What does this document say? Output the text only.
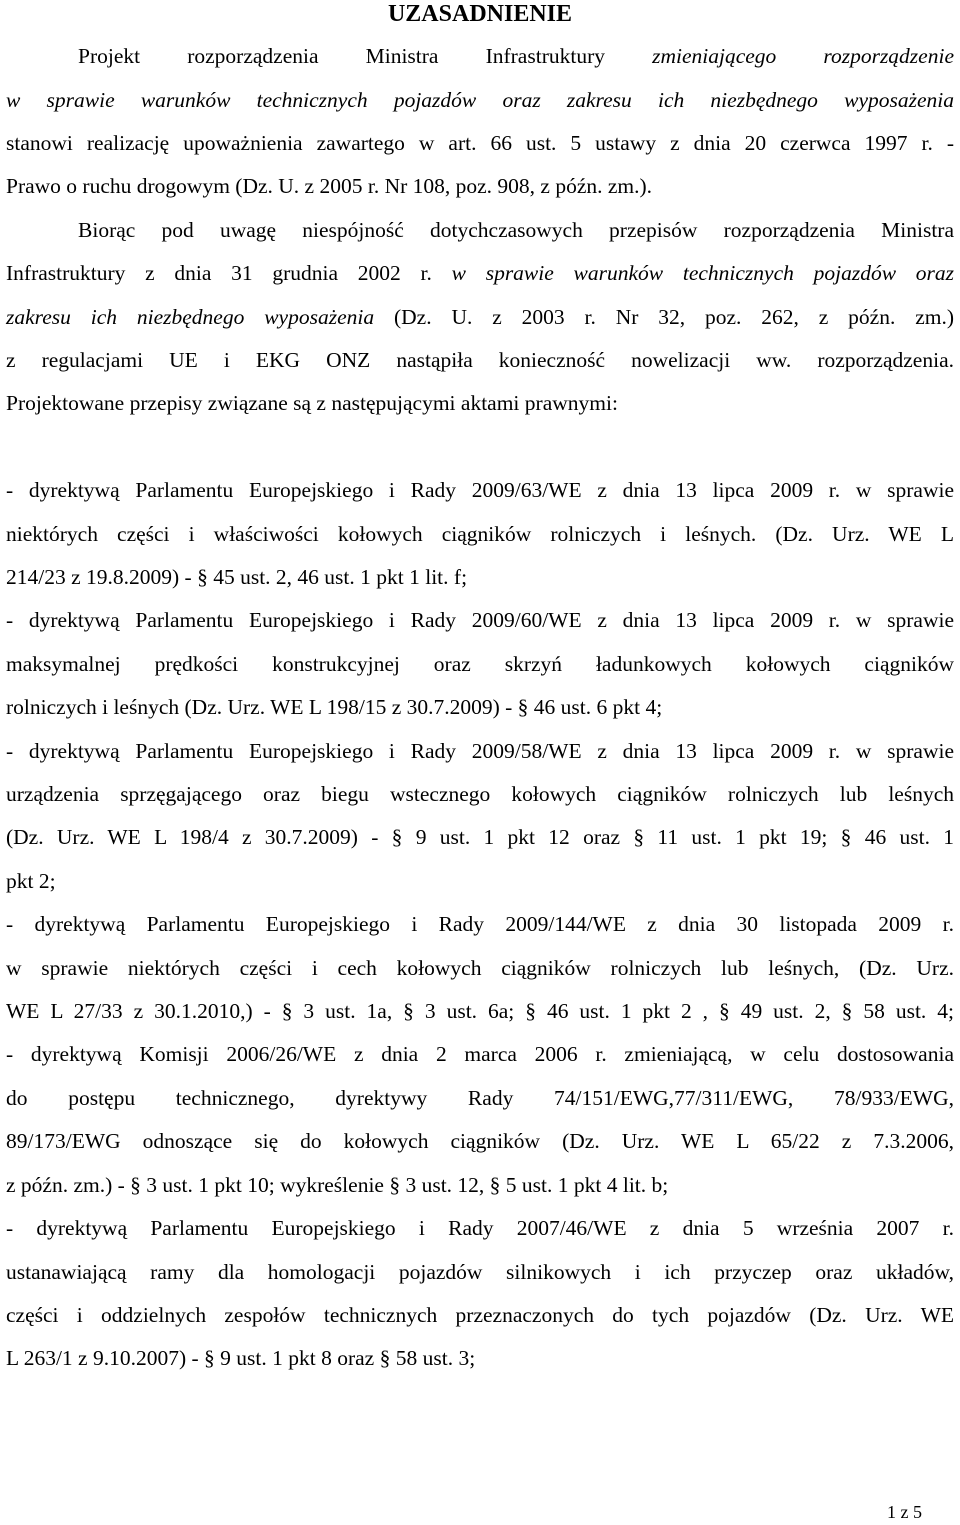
UZASADNIENIE
Projekt rozporządzenia Ministra Infrastruktury zmieniającego rozporządzenie
w sprawie warunków technicznych pojazdów oraz zakresu ich niezbędnego wyposażenia
stanowi realizację upoważnienia zawartego w art. 66 ust. 5 ustawy z dnia 20 czerwca 1997 r. -
Prawo o ruchu drogowym (Dz. U. z 2005 r. Nr 108, poz. 908, z późn. zm.).
Biorąc pod uwagę niespójność dotychczasowych przepisów rozporządzenia Ministra
Infrastruktury z dnia 31 grudnia 2002 r. w sprawie warunków technicznych pojazdów oraz
zakresu ich niezbędnego wyposażenia (Dz. U. z 2003 r. Nr 32, poz. 262, z późn. zm.)
z regulacjami UE i EKG ONZ nastąpiła konieczność nowelizacji ww. rozporządzenia.
Projektowane przepisy związane są z następującymi aktami prawnymi:
- dyrektywą Parlamentu Europejskiego i Rady 2009/63/WE z dnia 13 lipca 2009 r. w sprawie
niektórych części i właściwości kołowych ciągników rolniczych i leśnych. (Dz. Urz. WE L
214/23 z 19.8.2009) - § 45 ust. 2, 46 ust. 1 pkt 1 lit. f;
- dyrektywą Parlamentu Europejskiego i Rady 2009/60/WE z dnia 13 lipca 2009 r. w sprawie
maksymalnej prędkości konstrukcyjnej oraz skrzyń ładunkowych kołowych ciągników
rolniczych i leśnych (Dz. Urz. WE L 198/15 z 30.7.2009) - § 46 ust. 6 pkt 4;
- dyrektywą Parlamentu Europejskiego i Rady 2009/58/WE z dnia 13 lipca 2009 r. w sprawie
urządzenia sprzęgającego oraz biegu wstecznego kołowych ciągników rolniczych lub leśnych
(Dz. Urz. WE L 198/4 z 30.7.2009) - § 9 ust. 1 pkt 12 oraz § 11 ust. 1 pkt 19; § 46 ust. 1
pkt 2;
- dyrektywą Parlamentu Europejskiego i Rady 2009/144/WE z dnia 30 listopada 2009 r.
w sprawie niektórych części i cech kołowych ciągników rolniczych lub leśnych, (Dz. Urz.
WE L 27/33 z 30.1.2010,) - § 3 ust. 1a, § 3 ust. 6a; § 46 ust. 1 pkt 2 , § 49 ust. 2, § 58 ust. 4;
- dyrektywą Komisji 2006/26/WE z dnia 2 marca 2006 r. zmieniającą, w celu dostosowania
do postępu technicznego, dyrektywy Rady 74/151/EWG,77/311/EWG, 78/933/EWG,
89/173/EWG odnoszące się do kołowych ciągników (Dz. Urz. WE L 65/22 z 7.3.2006,
z późn. zm.) - § 3 ust. 1 pkt 10; wykreślenie § 3 ust. 12, § 5 ust. 1 pkt 4 lit. b;
- dyrektywą Parlamentu Europejskiego i Rady 2007/46/WE z dnia 5 września 2007 r.
ustanawiającą ramy dla homologacji pojazdów silnikowych i ich przyczep oraz układów,
części i oddzielnych zespołów technicznych przeznaczonych do tych pojazdów (Dz. Urz. WE
L 263/1 z 9.10.2007) - § 9 ust. 1 pkt 8 oraz § 58 ust. 3;
1 z 5
